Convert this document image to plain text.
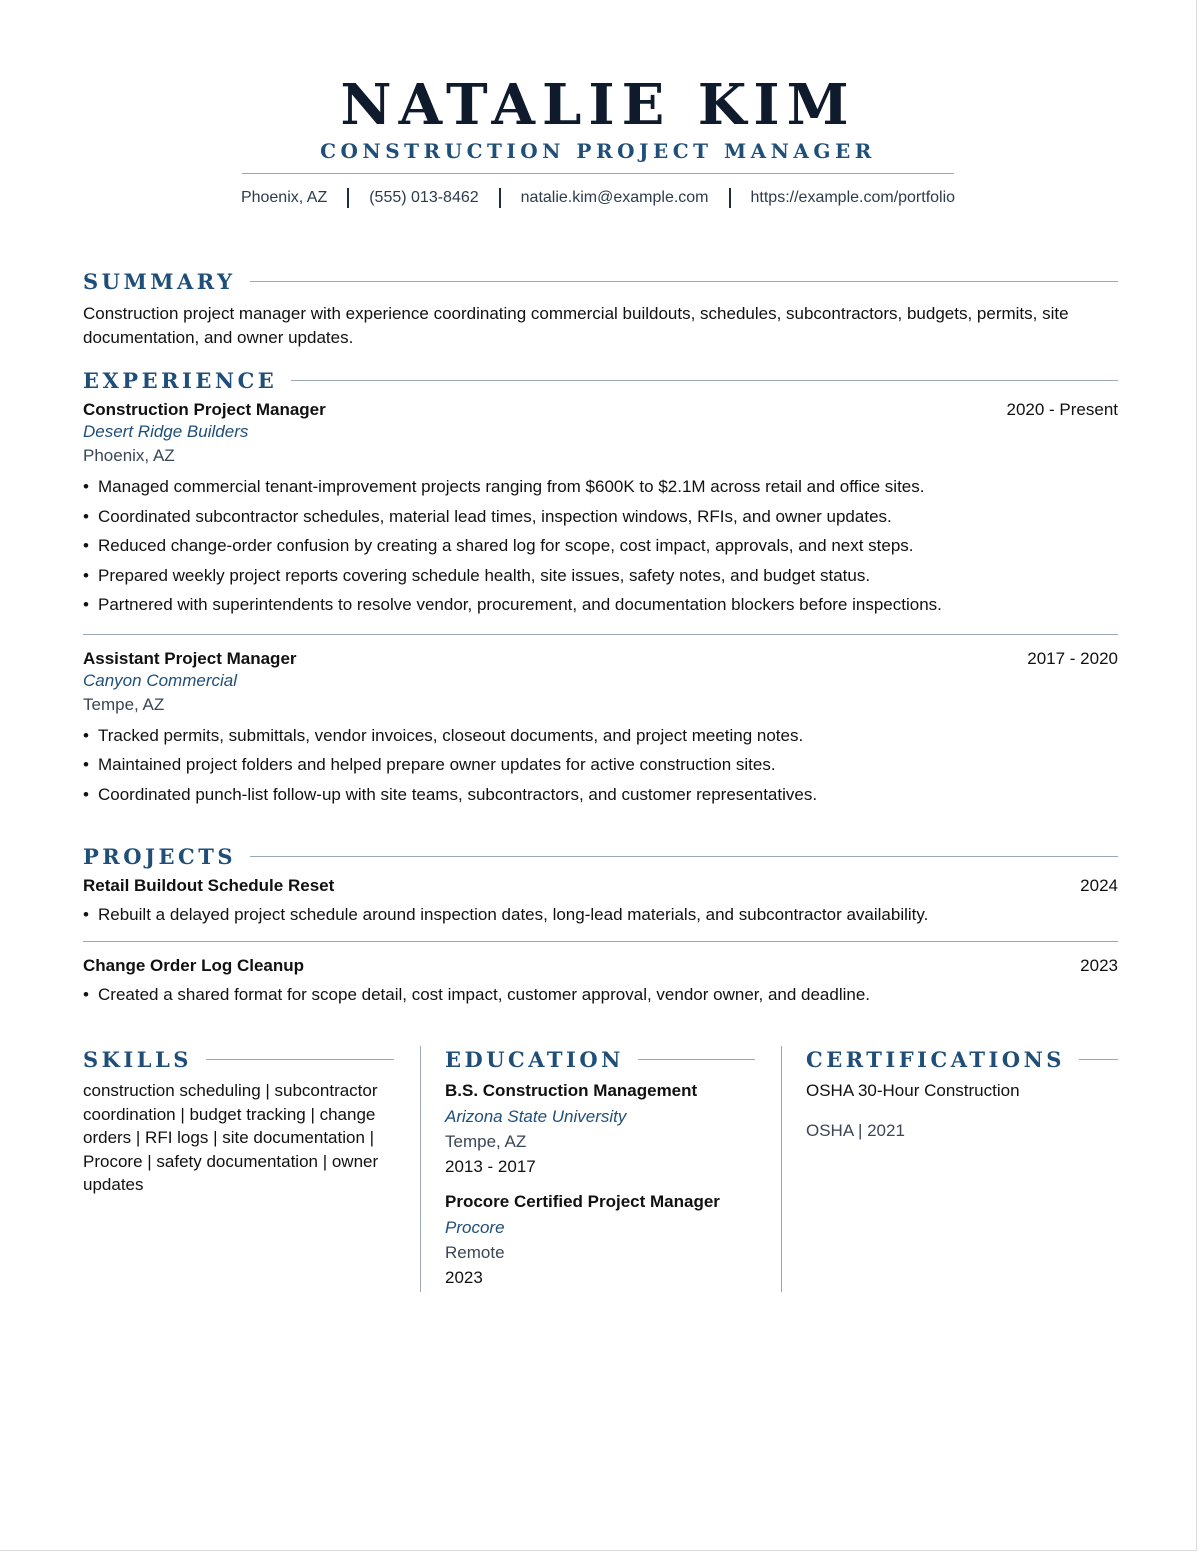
NATALIE KIM
CONSTRUCTION PROJECT MANAGER
Phoenix, AZ	(555) 013-8462	natalie.kim@example.com	https://example.com/portfolio
SUMMARY
Construction project manager with experience coordinating commercial buildouts, schedules, subcontractors, budgets, permits, site documentation, and owner updates.
EXPERIENCE
Construction Project Manager	2020 - Present
Desert Ridge Builders
Phoenix, AZ
• Managed commercial tenant-improvement projects ranging from $600K to $2.1M across retail and office sites.
• Coordinated subcontractor schedules, material lead times, inspection windows, RFIs, and owner updates.
• Reduced change-order confusion by creating a shared log for scope, cost impact, approvals, and next steps.
• Prepared weekly project reports covering schedule health, site issues, safety notes, and budget status.
• Partnered with superintendents to resolve vendor, procurement, and documentation blockers before inspections.
Assistant Project Manager	2017 - 2020
Canyon Commercial
Tempe, AZ
• Tracked permits, submittals, vendor invoices, closeout documents, and project meeting notes.
• Maintained project folders and helped prepare owner updates for active construction sites.
• Coordinated punch-list follow-up with site teams, subcontractors, and customer representatives.
PROJECTS
Retail Buildout Schedule Reset	2024
• Rebuilt a delayed project schedule around inspection dates, long-lead materials, and subcontractor availability.
Change Order Log Cleanup	2023
• Created a shared format for scope detail, cost impact, customer approval, vendor owner, and deadline.
SKILLS
construction scheduling | subcontractor coordination | budget tracking | change orders | RFI logs | site documentation | Procore | safety documentation | owner updates
EDUCATION
B.S. Construction Management
Arizona State University
Tempe, AZ
2013 - 2017
Procore Certified Project Manager
Procore
Remote
2023
CERTIFICATIONS
OSHA 30-Hour Construction
OSHA | 2021
